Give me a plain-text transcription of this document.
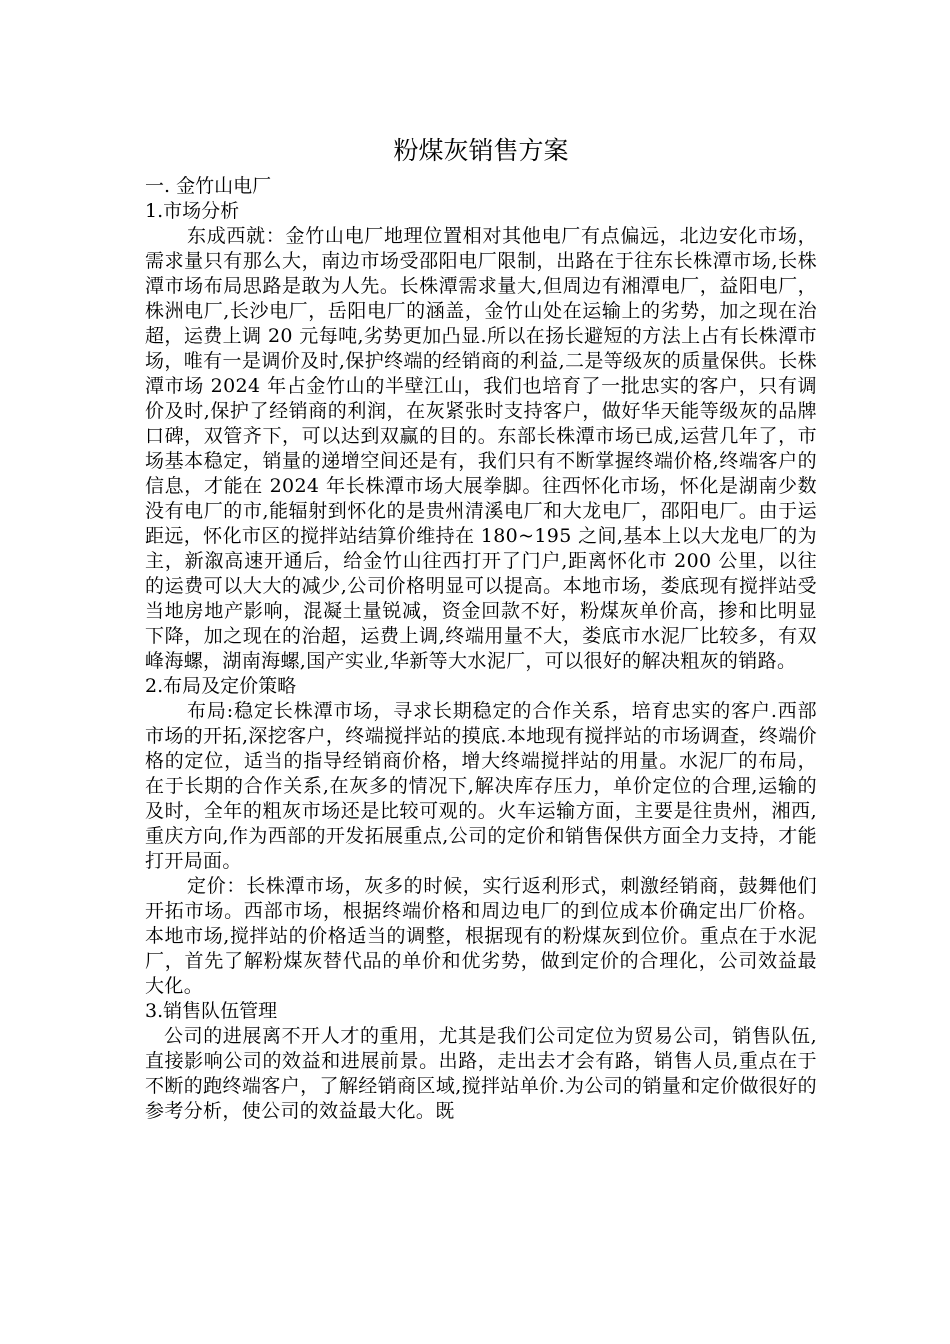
粉煤灰销售方案

一. 金竹山电厂

1.市场分析

东成西就：金竹山电厂地理位置相对其他电厂有点偏远，北边安化市场，需求量只有那么大，南边市场受邵阳电厂限制，出路在于往东长株潭市场,长株潭市场布局思路是敢为人先。长株潭需求量大,但周边有湘潭电厂，益阳电厂，株洲电厂,长沙电厂，岳阳电厂的涵盖，金竹山处在运输上的劣势，加之现在治超，运费上调 20 元每吨,劣势更加凸显.所以在扬长避短的方法上占有长株潭市场，唯有一是调价及时,保护终端的经销商的利益,二是等级灰的质量保供。长株潭市场 2024 年占金竹山的半壁江山，我们也培育了一批忠实的客户，只有调价及时,保护了经销商的利润，在灰紧张时支持客户，做好华天能等级灰的品牌口碑，双管齐下，可以达到双赢的目的。东部长株潭市场已成,运营几年了，市场基本稳定，销量的递增空间还是有，我们只有不断掌握终端价格,终端客户的信息，才能在 2024 年长株潭市场大展拳脚。往西怀化市场，怀化是湖南少数没有电厂的市,能辐射到怀化的是贵州清溪电厂和大龙电厂，邵阳电厂。由于运距远，怀化市区的搅拌站结算价维持在 180~195 之间,基本上以大龙电厂的为主，新溆高速开通后，给金竹山往西打开了门户,距离怀化市 200 公里，以往的运费可以大大的减少,公司价格明显可以提高。本地市场，娄底现有搅拌站受当地房地产影响，混凝土量锐减，资金回款不好，粉煤灰单价高，掺和比明显下降，加之现在的治超，运费上调,终端用量不大，娄底市水泥厂比较多，有双峰海螺，湖南海螺,国产实业,华新等大水泥厂，可以很好的解决粗灰的销路。

2.布局及定价策略

布局:稳定长株潭市场，寻求长期稳定的合作关系，培育忠实的客户.西部市场的开拓,深挖客户，终端搅拌站的摸底.本地现有搅拌站的市场调查，终端价格的定位，适当的指导经销商价格，增大终端搅拌站的用量。水泥厂的布局，在于长期的合作关系,在灰多的情况下,解决库存压力，单价定位的合理,运输的及时，全年的粗灰市场还是比较可观的。火车运输方面，主要是往贵州，湘西,重庆方向,作为西部的开发拓展重点,公司的定价和销售保供方面全力支持，才能打开局面。

定价：长株潭市场，灰多的时候，实行返利形式，刺激经销商，鼓舞他们开拓市场。西部市场，根据终端价格和周边电厂的到位成本价确定出厂价格。本地市场,搅拌站的价格适当的调整，根据现有的粉煤灰到位价。重点在于水泥厂，首先了解粉煤灰替代品的单价和优劣势，做到定价的合理化，公司效益最大化。

3.销售队伍管理

公司的进展离不开人才的重用，尤其是我们公司定位为贸易公司，销售队伍,直接影响公司的效益和进展前景。出路，走出去才会有路，销售人员,重点在于不断的跑终端客户，了解经销商区域,搅拌站单价.为公司的销量和定价做很好的参考分析，使公司的效益最大化。既
